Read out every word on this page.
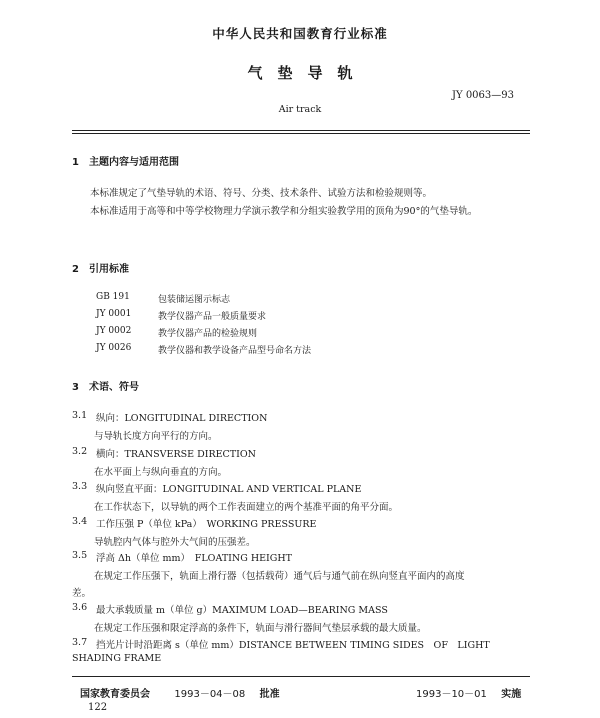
中华人民共和国教育行业标准
气　垫　导　轨
JY 0063—93
Air track
1　主题内容与适用范围
本标准规定了气垫导轨的术语、符号、分类、技术条件、试验方法和检验规则等。
本标准适用于高等和中等学校物理力学演示教学和分组实验教学用的顶角为90°的气垫导轨。
2　引用标准
GB 191	包装储运图示标志
JY 0001	教学仪器产品一般质量要求
JY 0002	教学仪器产品的检验规则
JY 0026	教学仪器和教学设备产品型号命名方法
3　术语、符号
3.1 纵向：LONGITUDINAL DIRECTION
与导轨长度方向平行的方向。
3.2 横向：TRANSVERSE DIRECTION
在水平面上与纵向垂直的方向。
3.3 纵向竖直平面：LONGITUDINAL AND VERTICAL PLANE
在工作状态下，以导轨的两个工作表面建立的两个基准平面的角平分面。
3.4 工作压强 P（单位 kPa）　WORKING PRESSURE
导轨腔内气体与腔外大气间的压强差。
3.5 浮高 Δh（单位 mm）　FLOATING HEIGHT
在规定工作压强下，轨面上滑行器（包括载荷）通气后与通气前在纵向竖直平面内的高度
差。
3.6 最大承载质量 m（单位 g）MAXIMUM LOAD—BEARING MASS
在规定工作压强和限定浮高的条件下，轨面与滑行器间气垫层承载的最大质量。
3.7 挡光片计时沿距离 s（单位 mm）DISTANCE BETWEEN TIMING SIDES　OF　LIGHT
SHADING FRAME
国家教育委员会 1993－04－08 批准	1993－10－01 实施
122
